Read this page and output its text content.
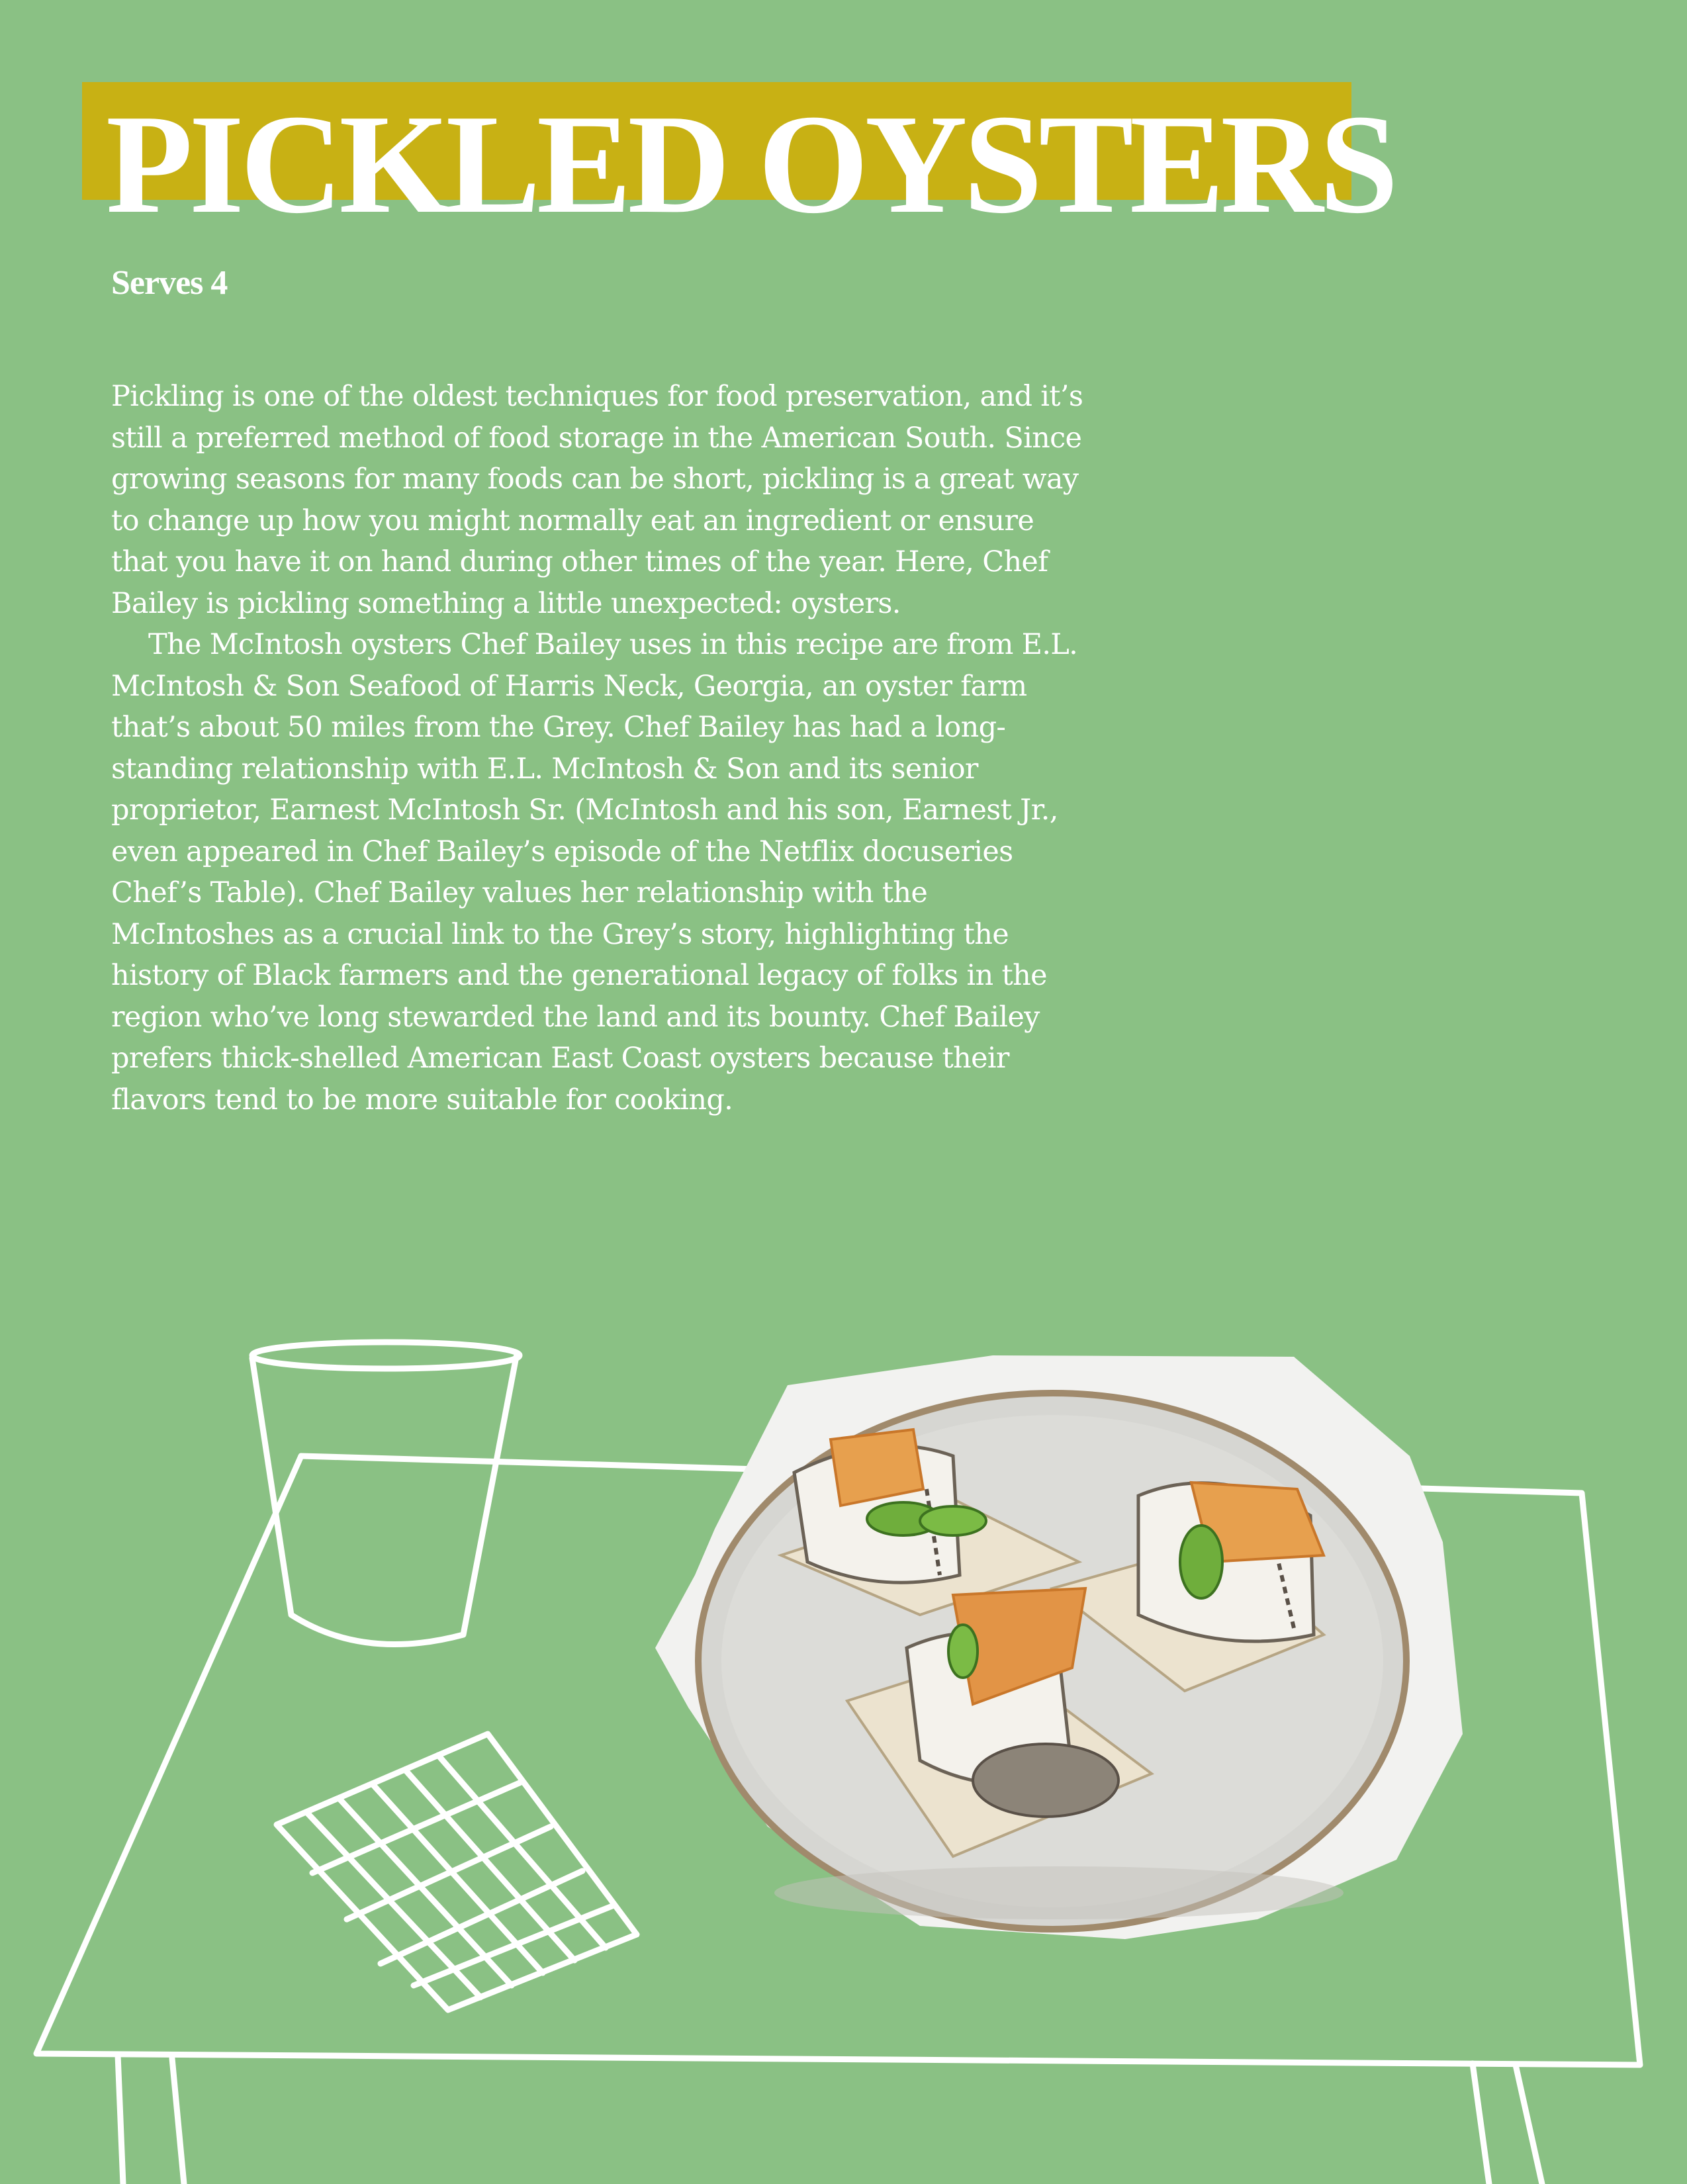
PICKLED OYSTERS
Serves 4

Pickling is one of the oldest techniques for food preservation, and it’s still a preferred method of food storage in the American South. Since growing seasons for many foods can be short, pickling is a great way to change up how you might normally eat an ingredient or ensure that you have it on hand during other times of the year. Here, Chef Bailey is pickling something a little unexpected: oysters.

The McIntosh oysters Chef Bailey uses in this recipe are from E.L. McIntosh & Son Seafood of Harris Neck, Georgia, an oyster farm that’s about 50 miles from the Grey. Chef Bailey has had a long-standing relationship with E.L. McIntosh & Son and its senior proprietor, Earnest McIntosh Sr. (McIntosh and his son, Earnest Jr., even appeared in Chef Bailey’s episode of the Netflix docuseries Chef’s Table). Chef Bailey values her relationship with the McIntoshes as a crucial link to the Grey’s story, highlighting the history of Black farmers and the generational legacy of folks in the region who’ve long stewarded the land and its bounty. Chef Bailey prefers thick-shelled American East Coast oysters because their flavors tend to be more suitable for cooking.
